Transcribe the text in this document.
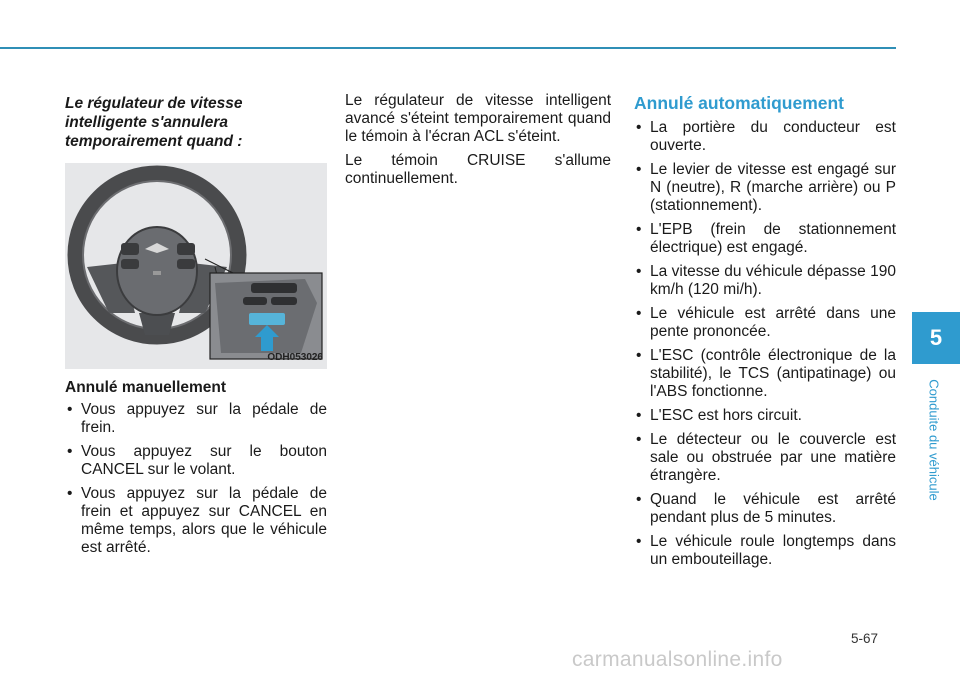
Le régulateur de vitesse intelligente s'annulera temporairement quand :
ODH053026
Annulé manuellement
• Vous appuyez sur la pédale de frein.
• Vous appuyez sur le bouton CANCEL sur le volant.
• Vous appuyez sur la pédale de frein et appuyez sur CANCEL en même temps, alors que le véhicule est arrêté.

Le régulateur de vitesse intelligent avancé s'éteint temporairement quand le témoin à l'écran ACL s'éteint.

Le témoin CRUISE s'allume continuellement.

Annulé automatiquement
• La portière du conducteur est ouverte.
• Le levier de vitesse est engagé sur N (neutre), R (marche arrière) ou P (stationnement).
• L'EPB (frein de stationnement électrique) est engagé.
• La vitesse du véhicule dépasse 190 km/h (120 mi/h).
• Le véhicule est arrêté dans une pente prononcée.
• L'ESC (contrôle électronique de la stabilité), le TCS (antipatinage) ou l'ABS fonctionne.
• L'ESC est hors circuit.
• Le détecteur ou le couvercle est sale ou obstruée par une matière étrangère.
• Quand le véhicule est arrêté pendant plus de 5 minutes.
• Le véhicule roule longtemps dans un embouteillage.
5
Conduite du véhicule
5-67
carmanualsonline.info
